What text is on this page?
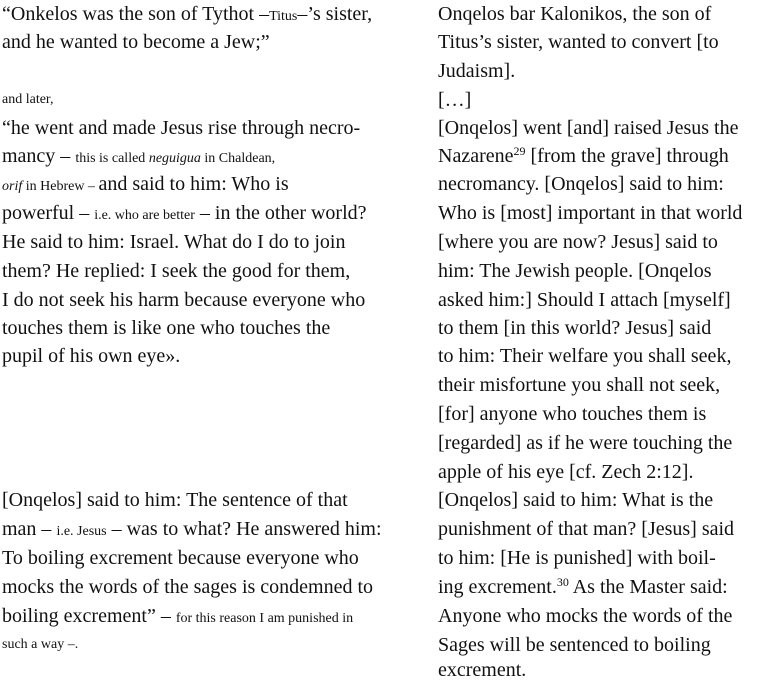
“Onkelos was the son of Tythot –Titus–’s sister,
and he wanted to become a Jew;”
and later,
“he went and made Jesus rise through necro-
mancy – this is called neguigua in Chaldean,
orif in Hebrew – and said to him: Who is
powerful – i.e. who are better – in the other world?
He said to him: Israel. What do I do to join
them? He replied: I seek the good for them,
I do not seek his harm because everyone who
touches them is like one who touches the
pupil of his own eye».
[Onqelos] said to him: The sentence of that
man – i.e. Jesus – was to what? He answered him:
To boiling excrement because everyone who
mocks the words of the sages is condemned to
boiling excrement” – for this reason I am punished in
such a way –.
Onqelos bar Kalonikos, the son of
Titus’s sister, wanted to convert [to
Judaism].
[…]
[Onqelos] went [and] raised Jesus the
Nazarene$^{29}$ [from the grave] through
necromancy. [Onqelos] said to him:
Who is [most] important in that world
[where you are now? Jesus] said to
him: The Jewish people. [Onqelos
asked him:] Should I attach [myself]
to them [in this world? Jesus] said
to him: Their welfare you shall seek,
their misfortune you shall not seek,
[for] anyone who touches them is
[regarded] as if he were touching the
apple of his eye [cf. Zech 2:12].
[Onqelos] said to him: What is the
punishment of that man? [Jesus] said
to him: [He is punished] with boil-
ing excrement.$^{30}$ As the Master said:
Anyone who mocks the words of the
Sages will be sentenced to boiling
excrement.
